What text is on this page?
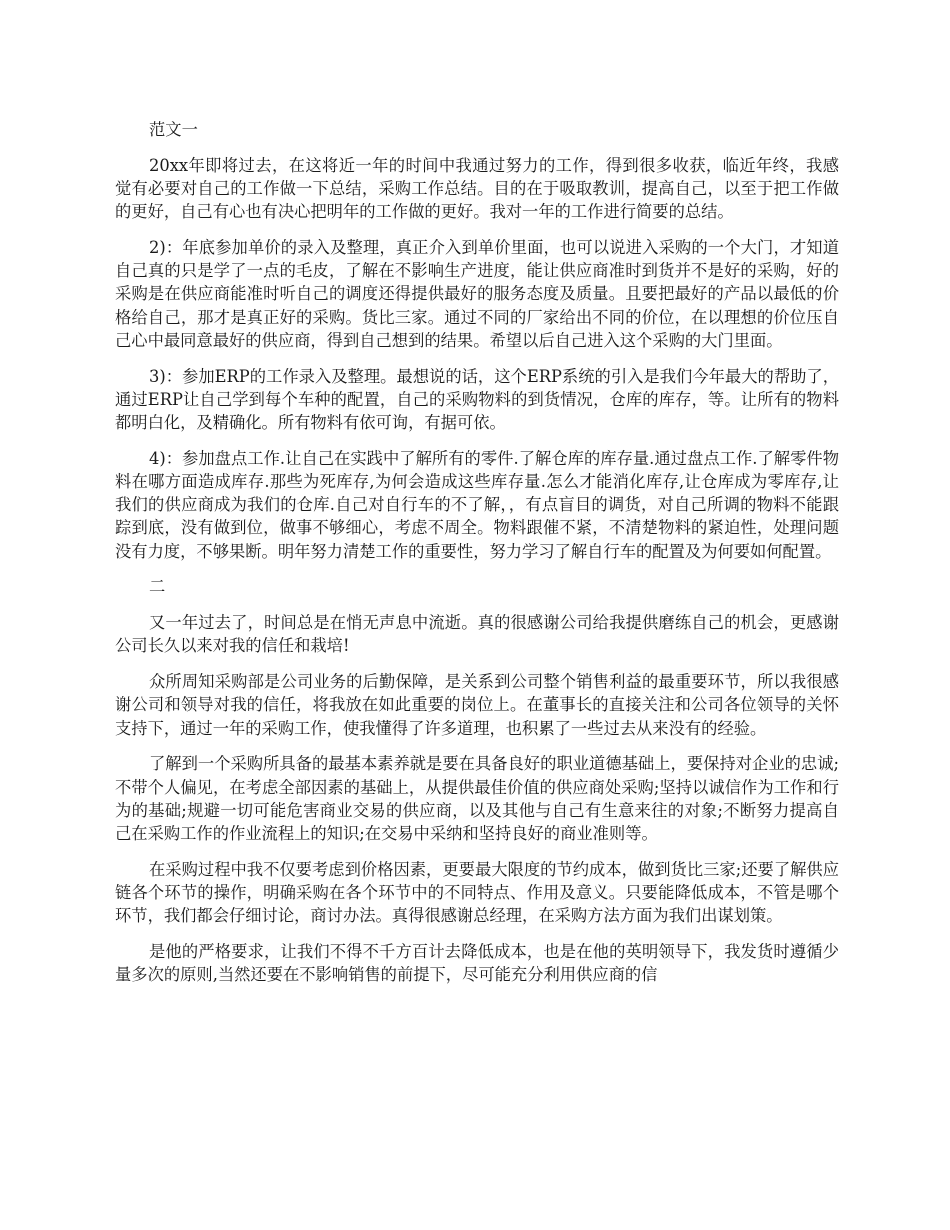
范文一

20xx年即将过去，在这将近一年的时间中我通过努力的工作，得到很多收获，临近年终，我感觉有必要对自己的工作做一下总结，采购工作总结。目的在于吸取教训，提高自己，以至于把工作做的更好，自己有心也有决心把明年的工作做的更好。我对一年的工作进行简要的总结。

2)：年底参加单价的录入及整理，真正介入到单价里面，也可以说进入采购的一个大门，才知道自己真的只是学了一点的毛皮，了解在不影响生产进度，能让供应商准时到货并不是好的采购，好的采购是在供应商能准时听自己的调度还得提供最好的服务态度及质量。且要把最好的产品以最低的价格给自己，那才是真正好的采购。货比三家。通过不同的厂家给出不同的价位，在以理想的价位压自己心中最同意最好的供应商，得到自己想到的结果。希望以后自己进入这个采购的大门里面。

3)：参加ERP的工作录入及整理。最想说的话，这个ERP系统的引入是我们今年最大的帮助了，通过ERP让自己学到每个车种的配置，自己的采购物料的到货情况，仓库的库存，等。让所有的物料都明白化，及精确化。所有物料有依可询，有据可依。

4)：参加盘点工作.让自己在实践中了解所有的零件.了解仓库的库存量.通过盘点工作.了解零件物料在哪方面造成库存.那些为死库存,为何会造成这些库存量.怎么才能消化库存,让仓库成为零库存,让我们的供应商成为我们的仓库.自己对自行车的不了解，，有点盲目的调货，对自己所调的物料不能跟踪到底，没有做到位，做事不够细心，考虑不周全。物料跟催不紧，不清楚物料的紧迫性，处理问题没有力度，不够果断。明年努力清楚工作的重要性，努力学习了解自行车的配置及为何要如何配置。

二

又一年过去了，时间总是在悄无声息中流逝。真的很感谢公司给我提供磨练自己的机会，更感谢公司长久以来对我的信任和栽培!

众所周知采购部是公司业务的后勤保障，是关系到公司整个销售利益的最重要环节，所以我很感谢公司和领导对我的信任，将我放在如此重要的岗位上。在董事长的直接关注和公司各位领导的关怀支持下，通过一年的采购工作，使我懂得了许多道理，也积累了一些过去从来没有的经验。

了解到一个采购所具备的最基本素养就是要在具备良好的职业道德基础上，要保持对企业的忠诚;不带个人偏见，在考虑全部因素的基础上，从提供最佳价值的供应商处采购;坚持以诚信作为工作和行为的基础;规避一切可能危害商业交易的供应商，以及其他与自己有生意来往的对象;不断努力提高自己在采购工作的作业流程上的知识;在交易中采纳和坚持良好的商业准则等。

在采购过程中我不仅要考虑到价格因素，更要最大限度的节约成本，做到货比三家;还要了解供应链各个环节的操作，明确采购在各个环节中的不同特点、作用及意义。只要能降低成本，不管是哪个环节，我们都会仔细讨论，商讨办法。真得很感谢总经理，在采购方法方面为我们出谋划策。

是他的严格要求，让我们不得不千方百计去降低成本，也是在他的英明领导下，我发货时遵循少量多次的原则,当然还要在不影响销售的前提下，尽可能充分利用供应商的信
